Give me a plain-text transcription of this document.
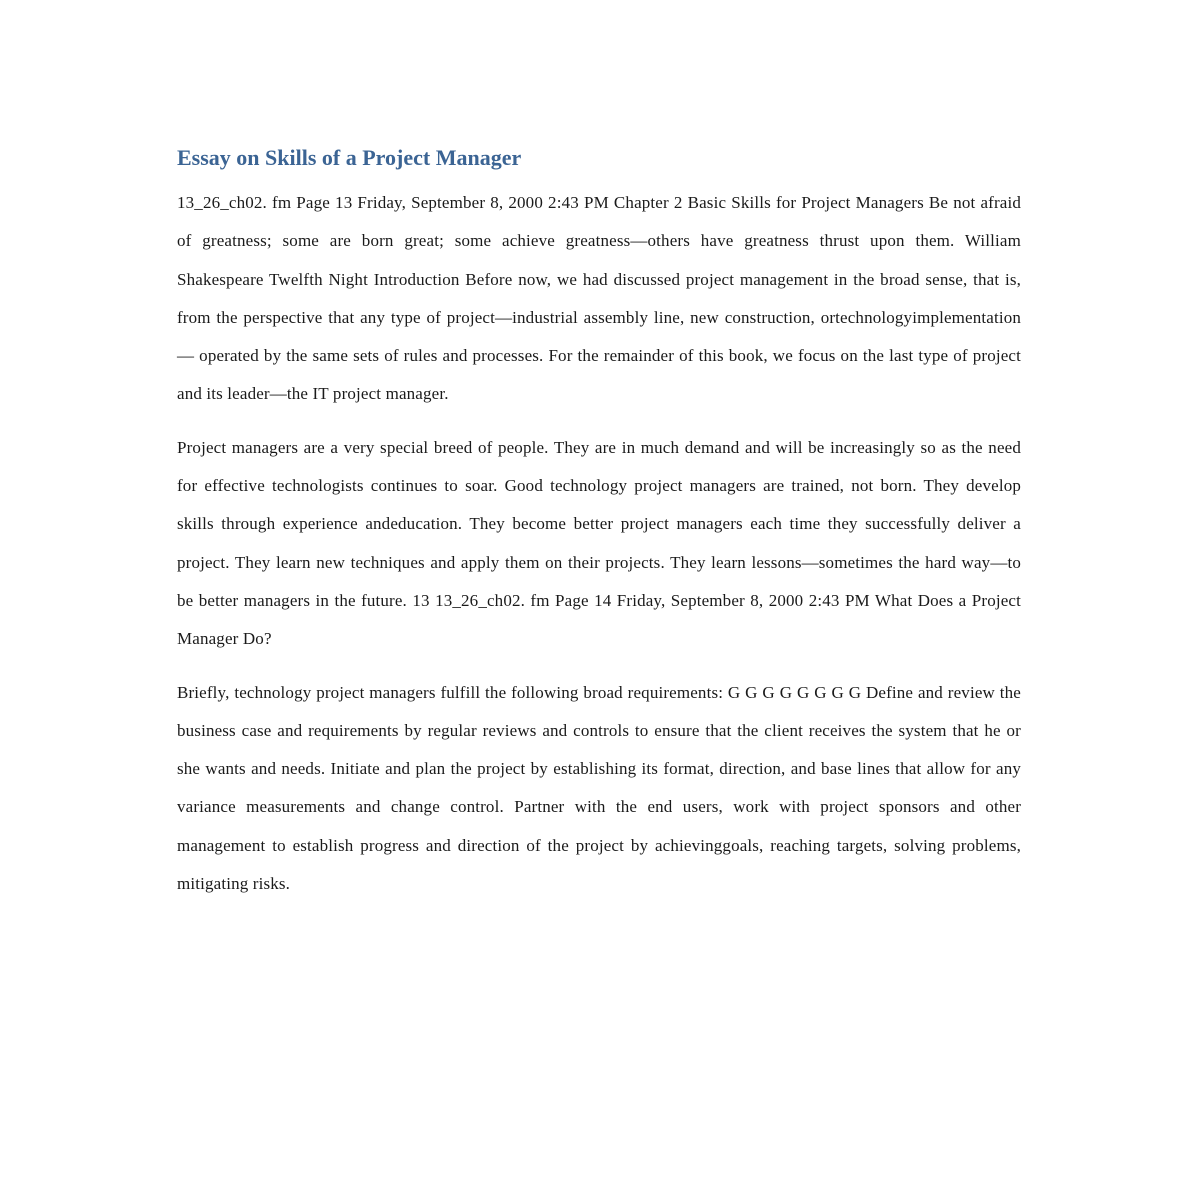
Essay on Skills of a Project Manager

13_26_ch02. fm Page 13 Friday, September 8, 2000 2:43 PM Chapter 2 Basic Skills for Project Managers Be not afraid of greatness; some are born great; some achieve greatness—others have greatness thrust upon them. William Shakespeare Twelfth Night Introduction Before now, we had discussed project management in the broad sense, that is, from the perspective that any type of project—industrial assembly line, new construction, ortechnologyimplementation— operated by the same sets of rules and processes. For the remainder of this book, we focus on the last type of project and its leader—the IT project manager.

Project managers are a very special breed of people. They are in much demand and will be increasingly so as the need for effective technologists continues to soar. Good technology project managers are trained, not born. They develop skills through experience andeducation. They become better project managers each time they successfully deliver a project. They learn new techniques and apply them on their projects. They learn lessons—sometimes the hard way—to be better managers in the future. 13 13_26_ch02. fm Page 14 Friday, September 8, 2000 2:43 PM What Does a Project Manager Do?

Briefly, technology project managers fulfill the following broad requirements: G G G G G G G G Define and review the business case and requirements by regular reviews and controls to ensure that the client receives the system that he or she wants and needs. Initiate and plan the project by establishing its format, direction, and base lines that allow for any variance measurements and change control. Partner with the end users, work with project sponsors and other management to establish progress and direction of the project by achievinggoals, reaching targets, solving problems, mitigating risks.
